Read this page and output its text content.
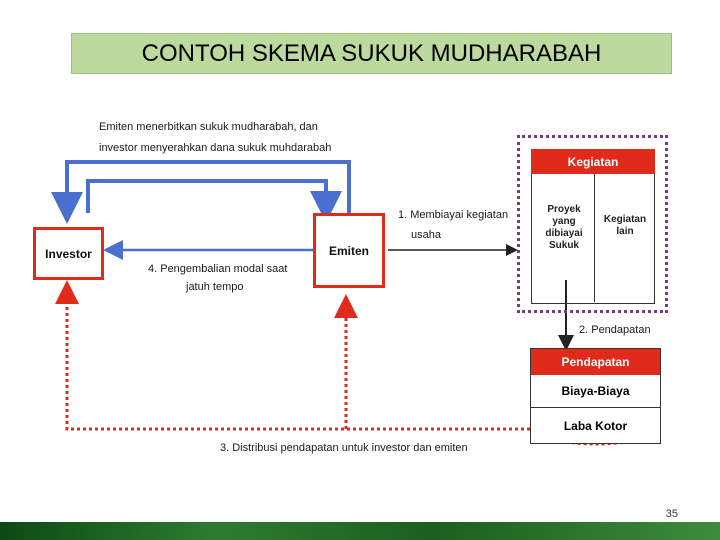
CONTOH SKEMA SUKUK MUDHARABAH
Emiten menerbitkan sukuk mudharabah, dan
investor menyerahkan dana sukuk muhdarabah
1. Membiayai kegiatan
usaha
4. Pengembalian modal saat
jatuh tempo
2. Pendapatan
3. Distribusi pendapatan untuk investor dan emiten
Investor	Emiten
Kegiatan
Proyek yang dibiayai Sukuk
Kegiatan lain
Pendapatan
Biaya-Biaya
Laba Kotor
35
